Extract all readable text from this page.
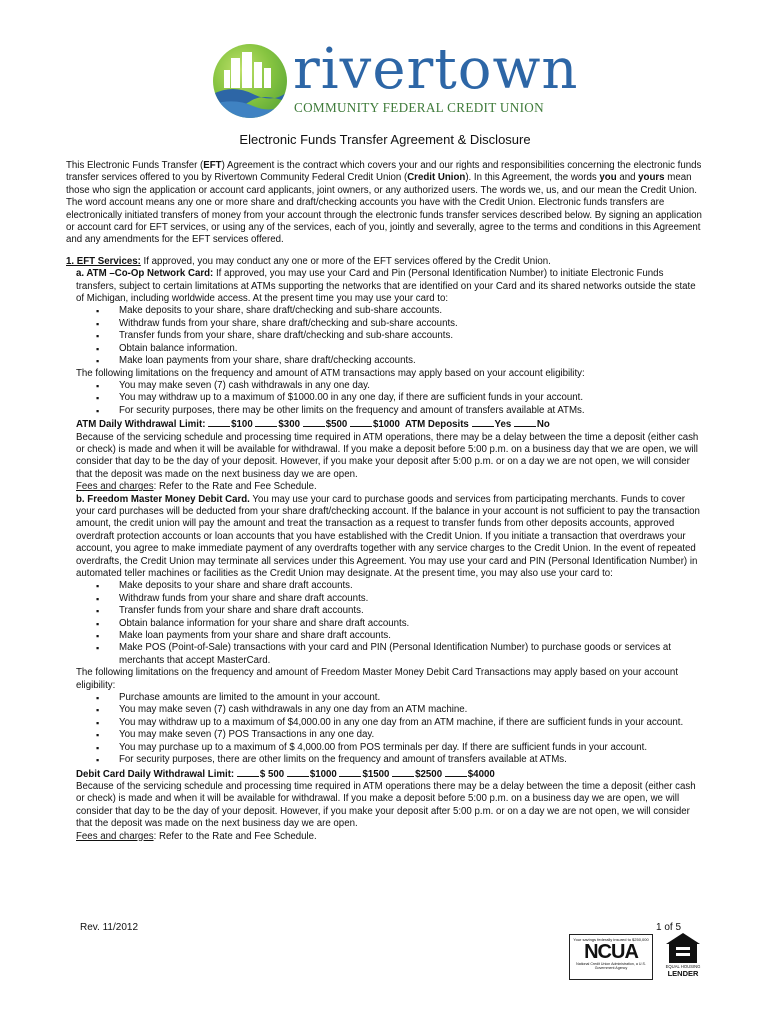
rivertown
COMMUNITY FEDERAL CREDIT UNION
Electronic Funds Transfer Agreement & Disclosure

This Electronic Funds Transfer (EFT) Agreement is the contract which covers your and our rights and responsibilities concerning the electronic funds transfer services offered to you by Rivertown Community Federal Credit Union (Credit Union). In this Agreement, the words you and yours mean those who sign the application or account card applicants, joint owners, or any authorized users. The words we, us, and our mean the Credit Union. The word account means any one or more share and draft/checking accounts you have with the Credit Union. Electronic funds transfers are electronically initiated transfers of money from your account through the electronic funds transfer services described below. By signing an application or account card for EFT services, or using any of the services, each of you, jointly and severally, agree to the terms and conditions in this Agreement and any amendments for the EFT services offered.

1. EFT Services: If approved, you may conduct any one or more of the EFT services offered by the Credit Union.

a. ATM –Co-Op Network Card: If approved, you may use your Card and Pin (Personal Identification Number) to initiate Electronic Funds transfers, subject to certain limitations at ATMs supporting the networks that are identified on your Card and its shared networks outside the state of Michigan, including worldwide access. At the present time you may use your card to:

▪ Make deposits to your share, share draft/checking and sub-share accounts.
▪ Withdraw funds from your share, share draft/checking and sub-share accounts.
▪ Transfer funds from your share, share draft/checking and sub-share accounts.
▪ Obtain balance information.
▪ Make loan payments from your share, share draft/checking accounts.

The following limitations on the frequency and amount of ATM transactions may apply based on your account eligibility:

▪ You may make seven (7) cash withdrawals in any one day.
▪ You may withdraw up to a maximum of $1000.00 in any one day, if there are sufficient funds in your account.
▪ For security purposes, there may be other limits on the frequency and amount of transfers available at ATMs.

ATM Daily Withdrawal Limit:	$100	$300	$500	$1000 ATM Deposits	Yes	No

Because of the servicing schedule and processing time required in ATM operations, there may be a delay between the time a deposit (either cash or check) is made and when it will be available for withdrawal. If you make a deposit before 5:00 p.m. on a business day that we are open, we will consider that day to be the day of your deposit. However, if you make your deposit after 5:00 p.m. or on a day we are not open, we will consider that the deposit was made on the next business day we are open.

Fees and charges: Refer to the Rate and Fee Schedule.

b. Freedom Master Money Debit Card. You may use your card to purchase goods and services from participating merchants. Funds to cover your card purchases will be deducted from your share draft/checking account. If the balance in your account is not sufficient to pay the transaction amount, the credit union will pay the amount and treat the transaction as a request to transfer funds from other deposits accounts, approved overdraft protection accounts or loan accounts that you have established with the Credit Union. If you initiate a transaction that overdraws your account, you agree to make immediate payment of any overdrafts together with any service charges to the Credit Union. In the event of repeated overdrafts, the Credit Union may terminate all services under this Agreement. You may use your card and PIN (Personal Identification Number) in automated teller machines or facilities as the Credit Union may designate. At the present time, you may also use your card to:

▪ Make deposits to your share and share draft accounts.
▪ Withdraw funds from your share and share draft accounts.
▪ Transfer funds from your share and share draft accounts.
▪ Obtain balance information for your share and share draft accounts.
▪ Make loan payments from your share and share draft accounts.
▪ Make POS (Point-of-Sale) transactions with your card and PIN (Personal Identification Number) to purchase goods or services at merchants that accept MasterCard.

The following limitations on the frequency and amount of Freedom Master Money Debit Card Transactions may apply based on your account eligibility:

▪ Purchase amounts are limited to the amount in your account.
▪ You may make seven (7) cash withdrawals in any one day from an ATM machine.
▪ You may withdraw up to a maximum of $4,000.00 in any one day from an ATM machine, if there are sufficient funds in your account.
▪ You may make seven (7) POS Transactions in any one day.
▪ You may purchase up to a maximum of $ 4,000.00 from POS terminals per day. If there are sufficient funds in your account.
▪ For security purposes, there are other limits on the frequency and amount of transfers available at ATMs.

Debit Card Daily Withdrawal Limit:	$ 500	$1000	$1500	$2500	$4000

Because of the servicing schedule and processing time required in ATM operations there may be a delay between the time a deposit (either cash or check) is made and when it will be available for withdrawal. If you make a deposit before 5:00 p.m. on a business day we are open, we will consider that day to be the day of your deposit. However, if you make your deposit after 5:00 p.m. or on a day we are not open, we will consider that the deposit was made on the next business day we are open.

Fees and charges: Refer to the Rate and Fee Schedule.

Rev. 11/2012	1 of 5
Your savings federally insured to $250,000
NCUA
National Credit Union Administration, a U.S. Government Agency	EQUAL HOUSING
LENDER
